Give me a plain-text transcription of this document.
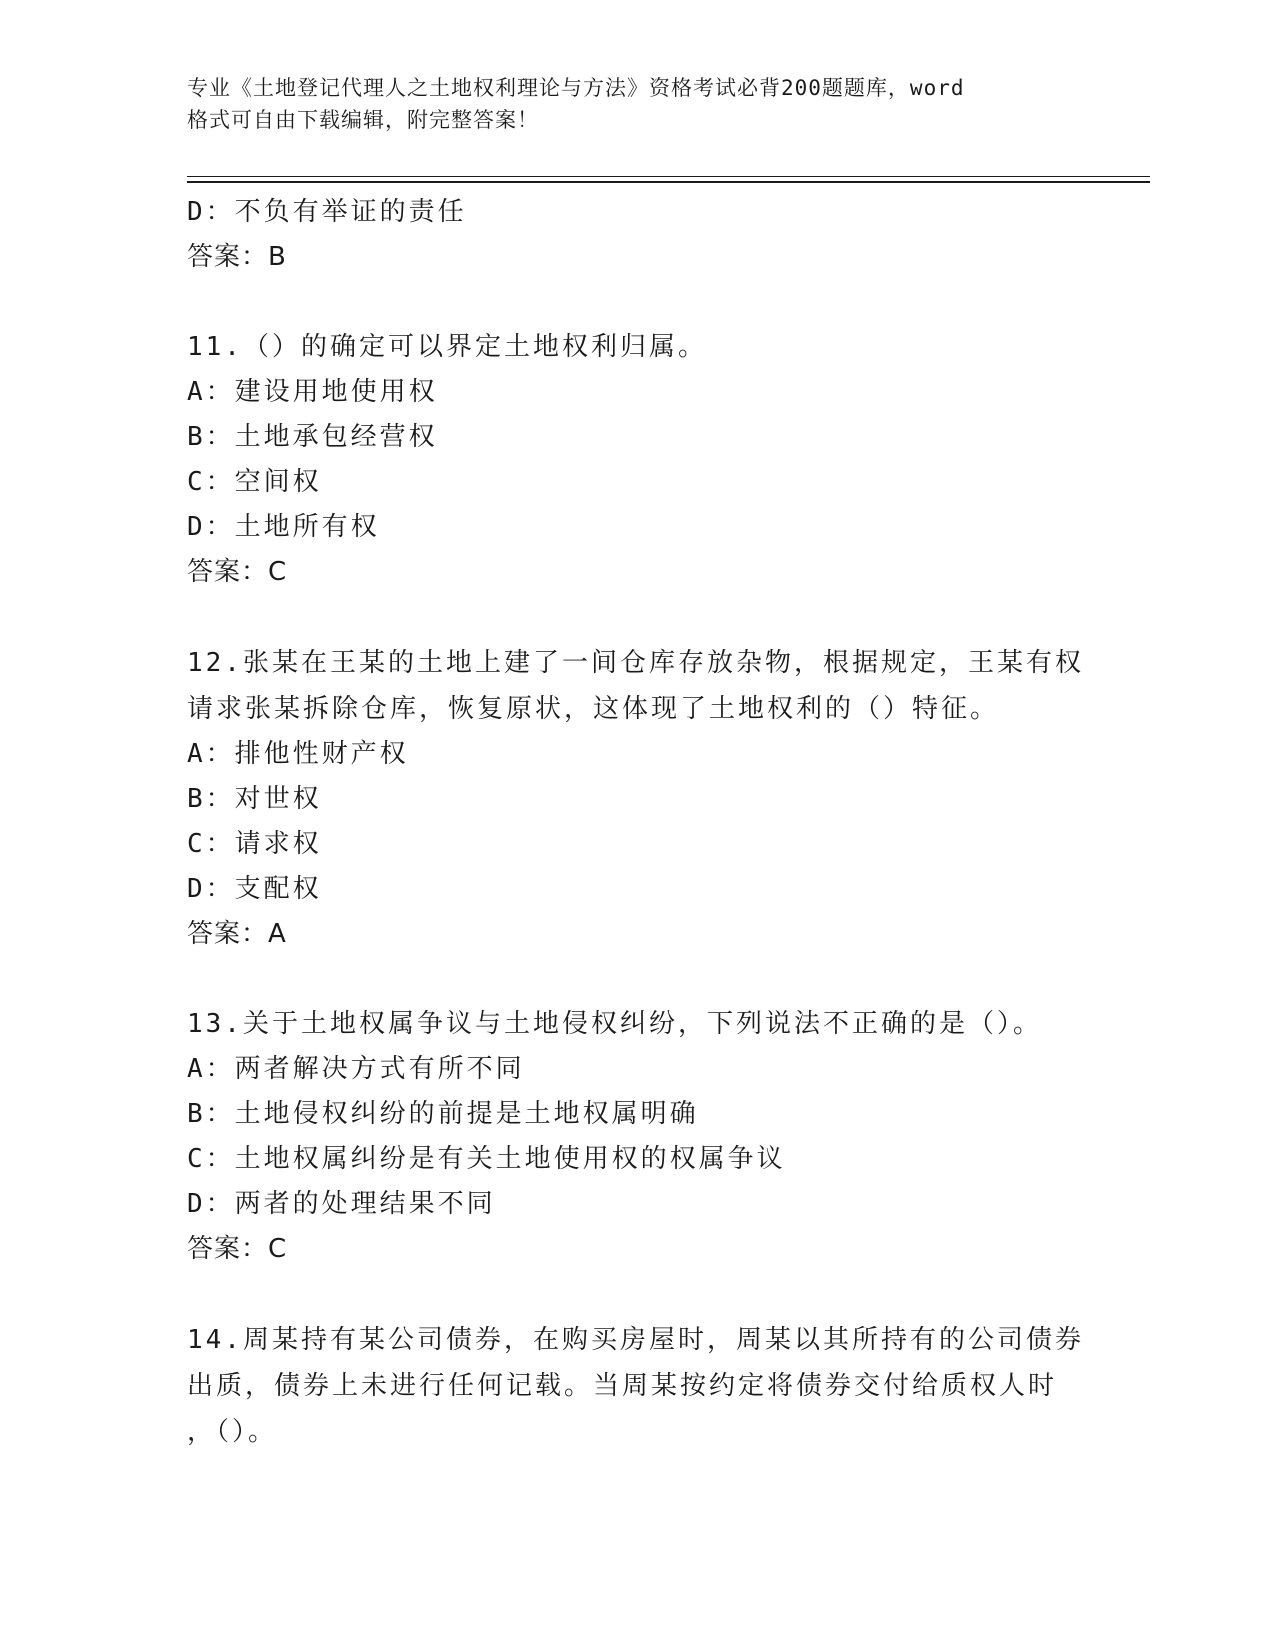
专业《土地登记代理人之土地权利理论与方法》资格考试必背200题题库，word
格式可自由下载编辑，附完整答案！
D：不负有举证的责任
答案：B
11.（）的确定可以界定土地权利归属。
A：建设用地使用权
B：土地承包经营权
C：空间权
D：土地所有权
答案：C
12.张某在王某的土地上建了一间仓库存放杂物，根据规定，王某有权
请求张某拆除仓库，恢复原状，这体现了土地权利的（）特征。
A：排他性财产权
B：对世权
C：请求权
D：支配权
答案：A
13.关于土地权属争议与土地侵权纠纷，下列说法不正确的是（）。
A：两者解决方式有所不同
B：土地侵权纠纷的前提是土地权属明确
C：土地权属纠纷是有关土地使用权的权属争议
D：两者的处理结果不同
答案：C
14.周某持有某公司债券，在购买房屋时，周某以其所持有的公司债券
出质，债券上未进行任何记载。当周某按约定将债券交付给质权人时
，（）。
